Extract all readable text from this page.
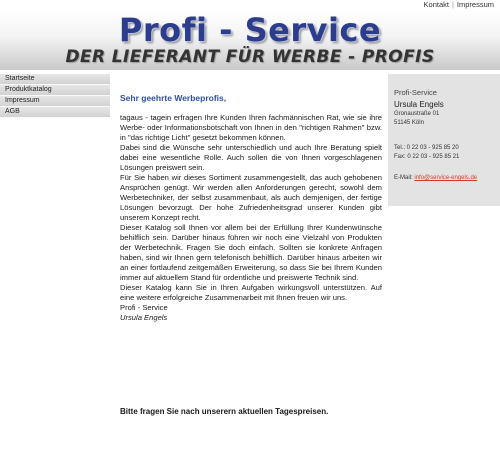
Kontakt | Impressum
Profi - Service
DER LIEFERANT FÜR WERBE - PROFIS
Startseite
Produktkatalog
Impressum
AGB
Profi-Service
Ursula Engels
Gronaustraße 01
51145 Köln
Tel.: 0 22 03 - 925 85 20
Fax: 0 22 03 - 925 85 21
E-Mail: info@service-engels.de

Sehr geehrte Werbeprofis,

tagaus - tagein erfragen Ihre Kunden Ihren fachmännischen Rat, wie sie ihre Werbe- oder Informationsbotschaft von Ihnen in den "richtigen Rahmen" bzw. in "das richtige Licht" gesetzt bekommen können.

Dabei sind die Wünsche sehr unterschiedlich und auch Ihre Beratung spielt dabei eine wesentliche Rolle. Auch sollen die von Ihnen vorgeschlagenen Lösungen preiswert sein.

Für Sie haben wir dieses Sortiment zusammengestellt, das auch gehobenen Ansprüchen genügt. Wir werden allen Anforderungen gerecht, sowohl dem Werbetechniker, der selbst zusammenbaut, als auch demjenigen, der fertige Lösungen bevorzugt. Der hohe Zufriedenheitsgrad unserer Kunden gibt unserem Konzept recht.

Dieser Katalog soll Ihnen vor allem bei der Erfüllung Ihrer Kundenwünsche behilflich sein. Darüber hinaus führen wir noch eine Vielzahl von Produkten der Werbetechnik. Fragen Sie doch einfach. Sollten sie konkrete Anfragen haben, sind wir Ihnen gern telefonisch behilflich. Darüber hinaus arbeiten wir an einer fortlaufend zeitgemäßen Erweiterung, so dass Sie bei Ihrem Kunden immer auf aktuellem Stand für ordentliche und preiswerte Technik sind.

Dieser Katalog kann Sie in Ihren Aufgaben wirkungsvoll unterstützen. Auf eine weitere erfolgreiche Zusammenarbeit mit Ihnen freuen wir uns.

Profi - Service

Ursula Engels

Bitte fragen Sie nach unserern aktuellen Tagespreisen.
